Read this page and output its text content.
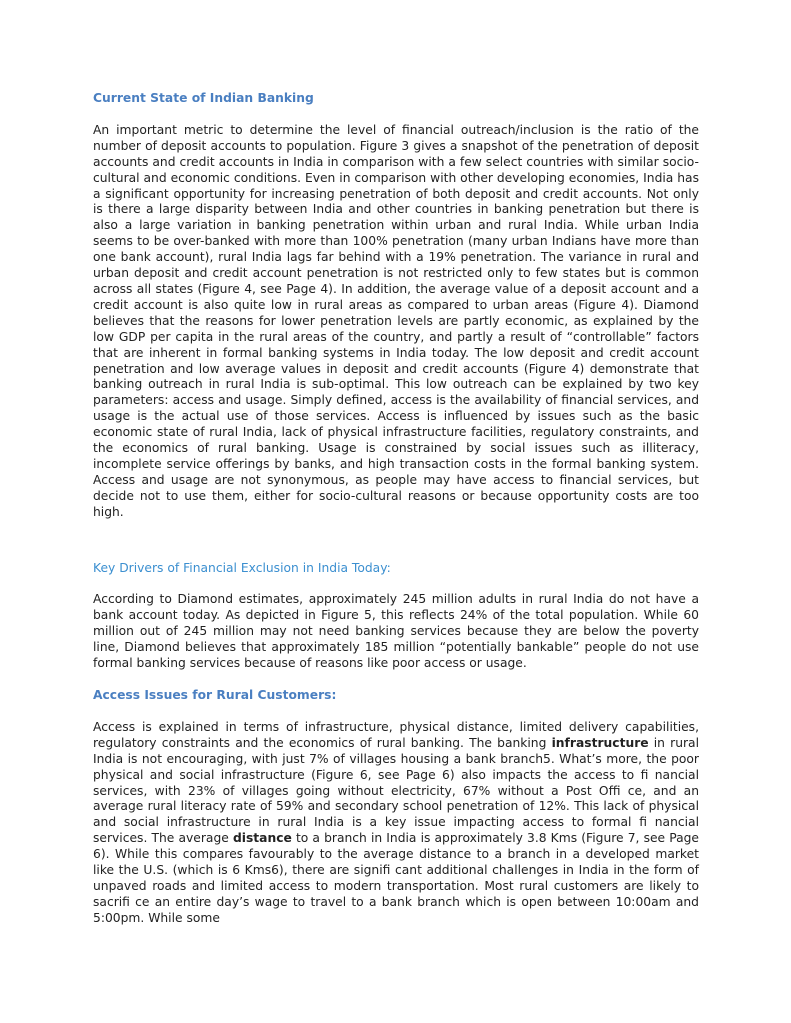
Current State of Indian Banking

An important metric to determine the level of financial outreach/inclusion is the ratio of the number of deposit accounts to population. Figure 3 gives a snapshot of the penetration of deposit accounts and credit accounts in India in comparison with a few select countries with similar socio-cultural and economic conditions. Even in comparison with other developing economies, India has a significant opportunity for increasing penetration of both deposit and credit accounts. Not only is there a large disparity between India and other countries in banking penetration but there is also a large variation in banking penetration within urban and rural India. While urban India seems to be over-banked with more than 100% penetration (many urban Indians have more than one bank account), rural India lags far behind with a 19% penetration. The variance in rural and urban deposit and credit account penetration is not restricted only to few states but is common across all states (Figure 4, see Page 4). In addition, the average value of a deposit account and a credit account is also quite low in rural areas as compared to urban areas (Figure 4). Diamond believes that the reasons for lower penetration levels are partly economic, as explained by the low GDP per capita in the rural areas of the country, and partly a result of “controllable” factors that are inherent in formal banking systems in India today. The low deposit and credit account penetration and low average values in deposit and credit accounts (Figure 4) demonstrate that banking outreach in rural India is sub-optimal. This low outreach can be explained by two key parameters: access and usage. Simply defined, access is the availability of financial services, and usage is the actual use of those services. Access is influenced by issues such as the basic economic state of rural India, lack of physical infrastructure facilities, regulatory constraints, and the economics of rural banking. Usage is constrained by social issues such as illiteracy, incomplete service offerings by banks, and high transaction costs in the formal banking system. Access and usage are not synonymous, as people may have access to financial services, but decide not to use them, either for socio-cultural reasons or because opportunity costs are too high.

Key Drivers of Financial Exclusion in India Today:

According to Diamond estimates, approximately 245 million adults in rural India do not have a bank account today. As depicted in Figure 5, this reflects 24% of the total population. While 60 million out of 245 million may not need banking services because they are below the poverty line, Diamond believes that approximately 185 million “potentially bankable” people do not use formal banking services because of reasons like poor access or usage.

Access Issues for Rural Customers:

Access is explained in terms of infrastructure, physical distance, limited delivery capabilities, regulatory constraints and the economics of rural banking. The banking infrastructure in rural India is not encouraging, with just 7% of villages housing a bank branch5. What’s more, the poor physical and social infrastructure (Figure 6, see Page 6) also impacts the access to fi nancial services, with 23% of villages going without electricity, 67% without a Post Offi ce, and an average rural literacy rate of 59% and secondary school penetration of 12%. This lack of physical and social infrastructure in rural India is a key issue impacting access to formal fi nancial services. The average distance to a branch in India is approximately 3.8 Kms (Figure 7, see Page 6). While this compares favourably to the average distance to a branch in a developed market like the U.S. (which is 6 Kms6), there are signifi cant additional challenges in India in the form of unpaved roads and limited access to modern transportation. Most rural customers are likely to sacrifi ce an entire day’s wage to travel to a bank branch which is open between 10:00am and 5:00pm. While some
